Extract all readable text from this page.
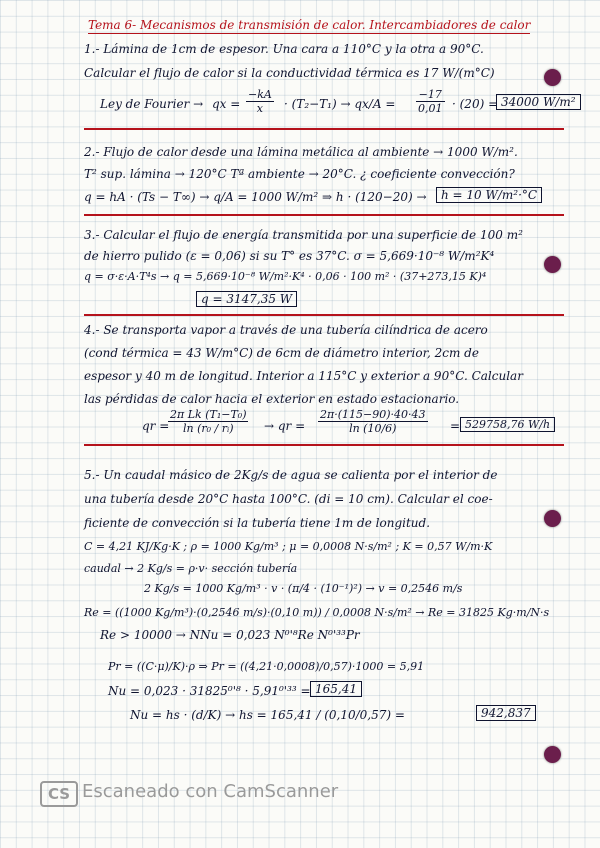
Tema 6- Mecanismos de transmisión de calor. Intercambiadores de calor
1.- Lámina de 1cm de espesor. Una cara a 110°C y la otra a 90°C.
Calcular el flujo de calor si la conductividad térmica es 17 W/(m°C)
Ley de Fourier → qx = $\frac{-kA}{x} \cdot (T_2-T_1) \to qx/A = \frac{-17}{0,01} \cdot (20) = 34000$ W/m²
2.- Flujo de calor desde una lámina metálica al ambiente → 1000 W/m².
T² sup. lámina → 120°C Tª ambiente → 20°C. ¿ coeficiente convección?
q = hA · (Ts − T∞) → q/A = 1000 W/m² ⇒ h · (120−20) →	h = 10 W/m²·°C
3.- Calcular el flujo de energía transmitida por una superficie de 100 m²
de hierro pulido (ε = 0,06) si su T° es 37°C. σ = 5,669·10⁻⁸ W/m²K⁴
q = σ·ε·A·T⁴s → q = 5,669·10⁻⁸ W/m²·K⁴ · 0,06 · 100 m² · (37+273,15 K)⁴
q = 3147,35 W
4.- Se transporta vapor a través de una tubería cilíndrica de acero
(cond térmica = 43 W/m°C) de 6cm de diámetro interior, 2cm de
espesor y 40 m de longitud. Interior a 115°C y exterior a 90°C. Calcular
las pérdidas de calor hacia el exterior en estado estacionario.
qr =
$\frac{\text{2π Lk (T₁−T₀)}}{\text{ln (r₀ / rᵢ)}}$ → qr = $\frac{2\pi\cdot(115-90)\cdot 40\cdot 43}{\ln (10/6)} = 529758,76$ W/h
5.- Un caudal másico de 2Kg/s de agua se calienta por el interior de
una tubería desde 20°C hasta 100°C. (di = 10 cm). Calcular el coe-
ficiente de convección si la tubería tiene 1m de longitud.
C = 4,21 KJ/Kg·K ; ρ = 1000 Kg/m³ ; μ = 0,0008 N·s/m² ; K = 0,57 W/m·K
caudal → 2 Kg/s = ρ·v· sección tubería
2 Kg/s = 1000 Kg/m³ · v · (π/4 · (10⁻¹)²) → v = 0,2546 m/s
Re = ((1000 Kg/m³)·(0,2546 m/s)·(0,10 m)) / 0,0008 N·s/m² → Re = 31825 Kg·m/N·s
Re > 10000 → NNu = 0,023 N⁰'⁸Re N⁰'³³Pr
Pr = ((C·μ)/K)·ρ ⇒ Pr = ((4,21·0,0008)/0,57)·1000 = 5,91
Nu = 0,023 · 31825⁰'⁸ · 5,91⁰'³³ = 165,41
Nu = hs · (d/K) → hs = 165,41 / (0,10/0,57) =	942,837
CS Escaneado con CamScanner
